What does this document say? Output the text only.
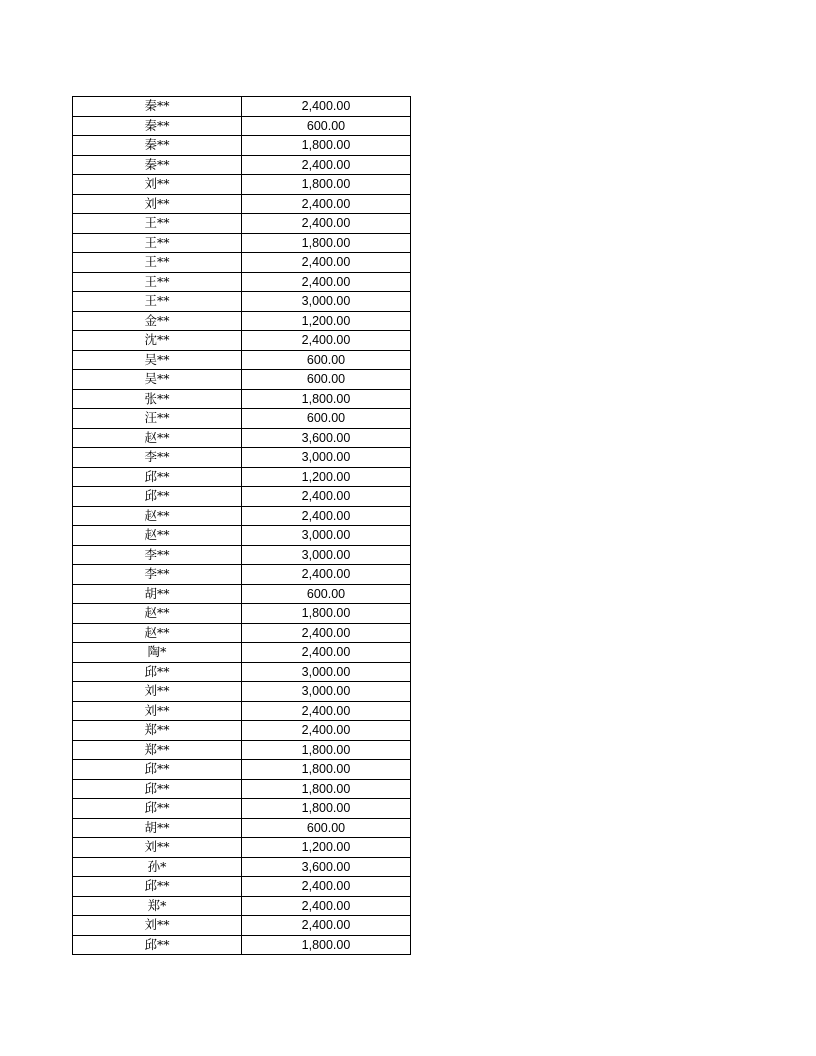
秦**	2,400.00
秦**	600.00
秦**	1,800.00
秦**	2,400.00
刘**	1,800.00
刘**	2,400.00
王**	2,400.00
王**	1,800.00
王**	2,400.00
王**	2,400.00
王**	3,000.00
金**	1,200.00
沈**	2,400.00
吴**	600.00
吴**	600.00
张**	1,800.00
汪**	600.00
赵**	3,600.00
李**	3,000.00
邱**	1,200.00
邱**	2,400.00
赵**	2,400.00
赵**	3,000.00
李**	3,000.00
李**	2,400.00
胡**	600.00
赵**	1,800.00
赵**	2,400.00
陶*	2,400.00
邱**	3,000.00
刘**	3,000.00
刘**	2,400.00
郑**	2,400.00
郑**	1,800.00
邱**	1,800.00
邱**	1,800.00
邱**	1,800.00
胡**	600.00
刘**	1,200.00
孙*	3,600.00
邱**	2,400.00
郑*	2,400.00
刘**	2,400.00
邱**	1,800.00
